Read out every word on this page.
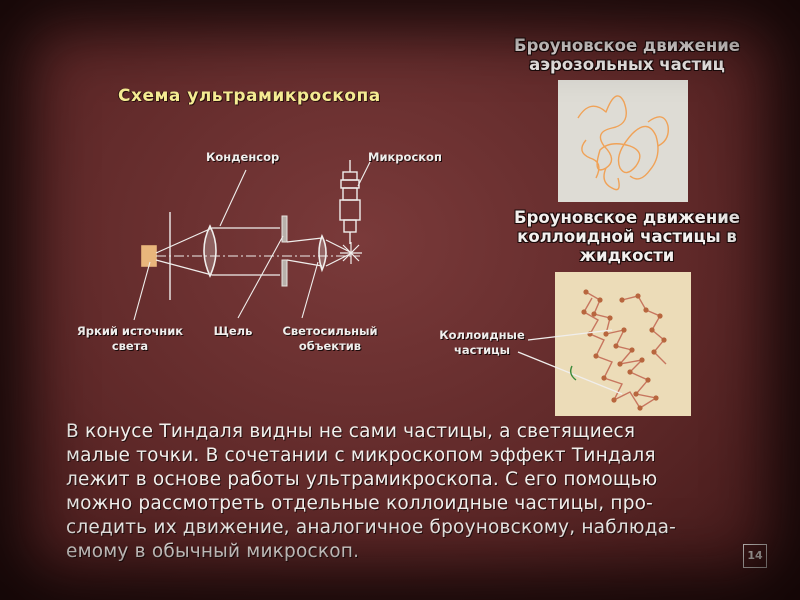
Схема ультрамикроскопа
Броуновское движение аэрозольных частиц
Броуновское движение коллоидной частицы в жидкости
Конденсор	Микроскоп
Яркий источник света
Щель	Светосильный объектив
Коллоидные частицы
В конусе Тиндаля видны не сами частицы, а светящиеся
малые точки. В сочетании с микроскопом эффект Тиндаля
лежит в основе работы ультрамикроскопа. С его помощью
можно рассмотреть отдельные коллоидные частицы, про-
следить их движение, аналогичное броуновскому, наблюда-
емому в обычный микроскоп.	14
